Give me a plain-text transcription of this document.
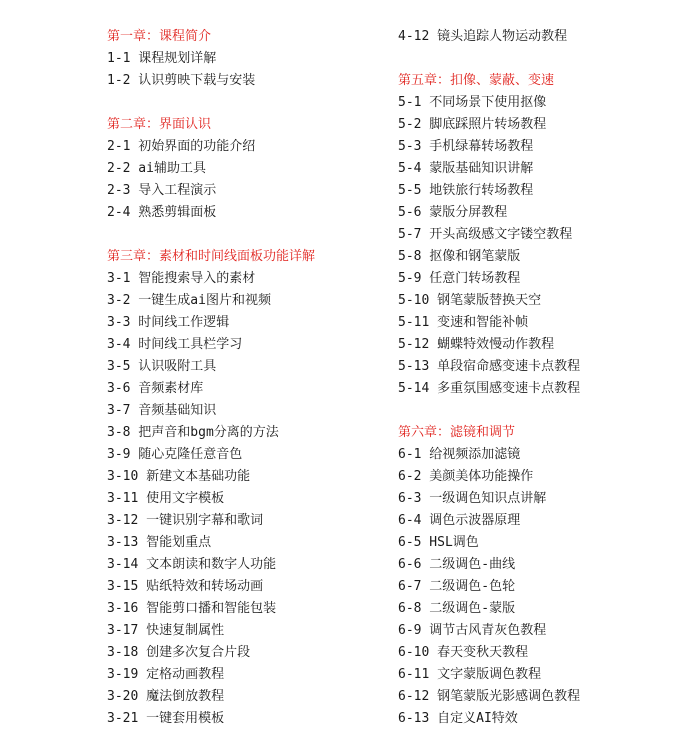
第一章：课程简介
1-1 课程规划详解
1-2 认识剪映下载与安装
第二章：界面认识
2-1 初始界面的功能介绍
2-2 ai辅助工具
2-3 导入工程演示
2-4 熟悉剪辑面板
第三章：素材和时间线面板功能详解
3-1 智能搜索导入的素材
3-2 一键生成ai图片和视频
3-3 时间线工作逻辑
3-4 时间线工具栏学习
3-5 认识吸附工具
3-6 音频素材库
3-7 音频基础知识
3-8 把声音和bgm分离的方法
3-9 随心克隆任意音色
3-10 新建文本基础功能
3-11 使用文字模板
3-12 一键识别字幕和歌词
3-13 智能划重点
3-14 文本朗读和数字人功能
3-15 贴纸特效和转场动画
3-16 智能剪口播和智能包装
3-17 快速复制属性
3-18 创建多次复合片段
3-19 定格动画教程
3-20 魔法倒放教程
3-21 一键套用模板
4-12 镜头追踪人物运动教程
第五章：扣像、蒙蔽、变速
5-1 不同场景下使用抠像
5-2 脚底踩照片转场教程
5-3 手机绿幕转场教程
5-4 蒙版基础知识讲解
5-5 地铁旅行转场教程
5-6 蒙版分屏教程
5-7 开头高级感文字镂空教程
5-8 抠像和钢笔蒙版
5-9 任意门转场教程
5-10 钢笔蒙版替换天空
5-11 变速和智能补帧
5-12 蝴蝶特效慢动作教程
5-13 单段宿命感变速卡点教程
5-14 多重氛围感变速卡点教程
第六章：滤镜和调节
6-1 给视频添加滤镜
6-2 美颜美体功能操作
6-3 一级调色知识点讲解
6-4 调色示波器原理
6-5 HSL调色
6-6 二级调色-曲线
6-7 二级调色-色轮
6-8 二级调色-蒙版
6-9 调节古风青灰色教程
6-10 春天变秋天教程
6-11 文字蒙版调色教程
6-12 钢笔蒙版光影感调色教程
6-13 自定义AI特效
